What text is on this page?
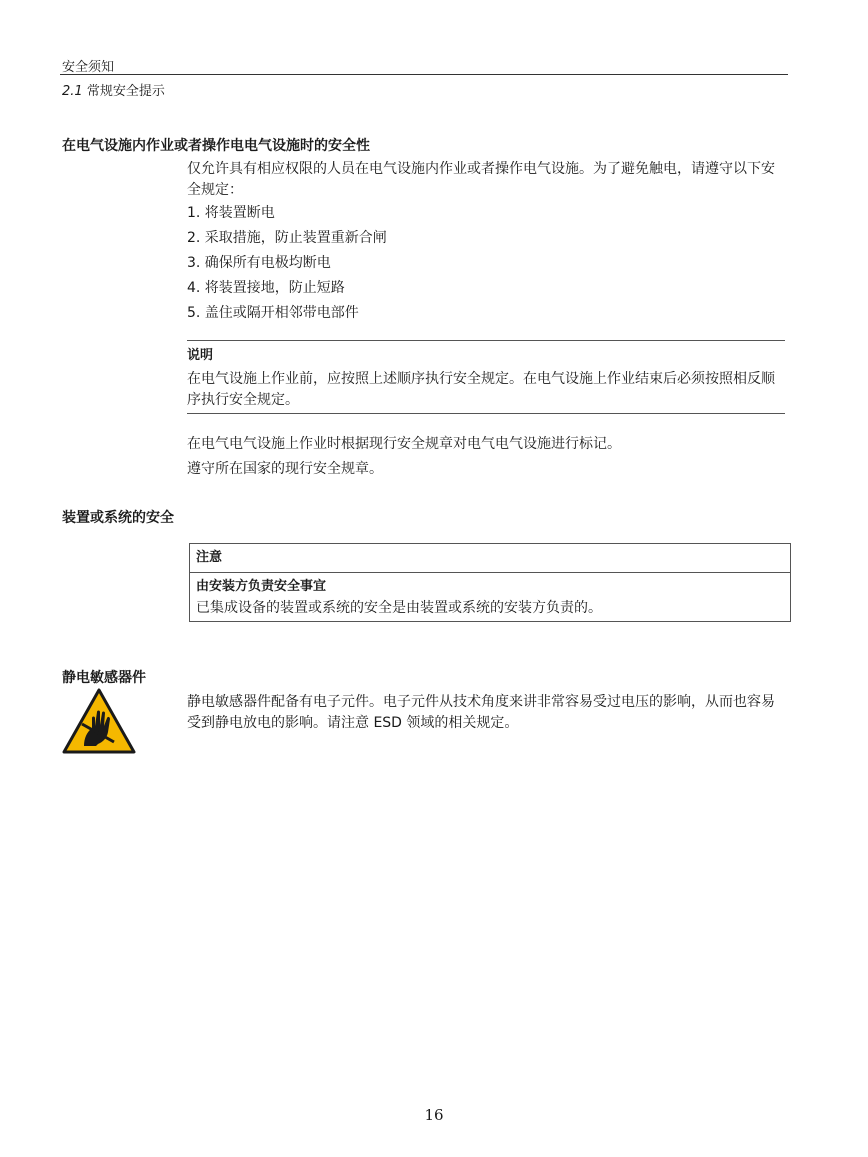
安全须知
2.1 常规安全提示
在电气设施内作业或者操作电电气设施时的安全性
仅允许具有相应权限的人员在电气设施内作业或者操作电气设施。为了避免触电，请遵守以下安全规定：
1. 将装置断电
2. 采取措施，防止装置重新合闸
3. 确保所有电极均断电
4. 将装置接地，防止短路
5. 盖住或隔开相邻带电部件
说明
在电气设施上作业前，应按照上述顺序执行安全规定。在电气设施上作业结束后必须按照相反顺序执行安全规定。
在电气电气设施上作业时根据现行安全规章对电气电气设施进行标记。
遵守所在国家的现行安全规章。
装置或系统的安全
注意
由安装方负责安全事宜
已集成设备的装置或系统的安全是由装置或系统的安装方负责的。
静电敏感器件
静电敏感器件配备有电子元件。电子元件从技术角度来讲非常容易受过电压的影响，从而也容易受到静电放电的影响。请注意 ESD 领域的相关规定。
16
